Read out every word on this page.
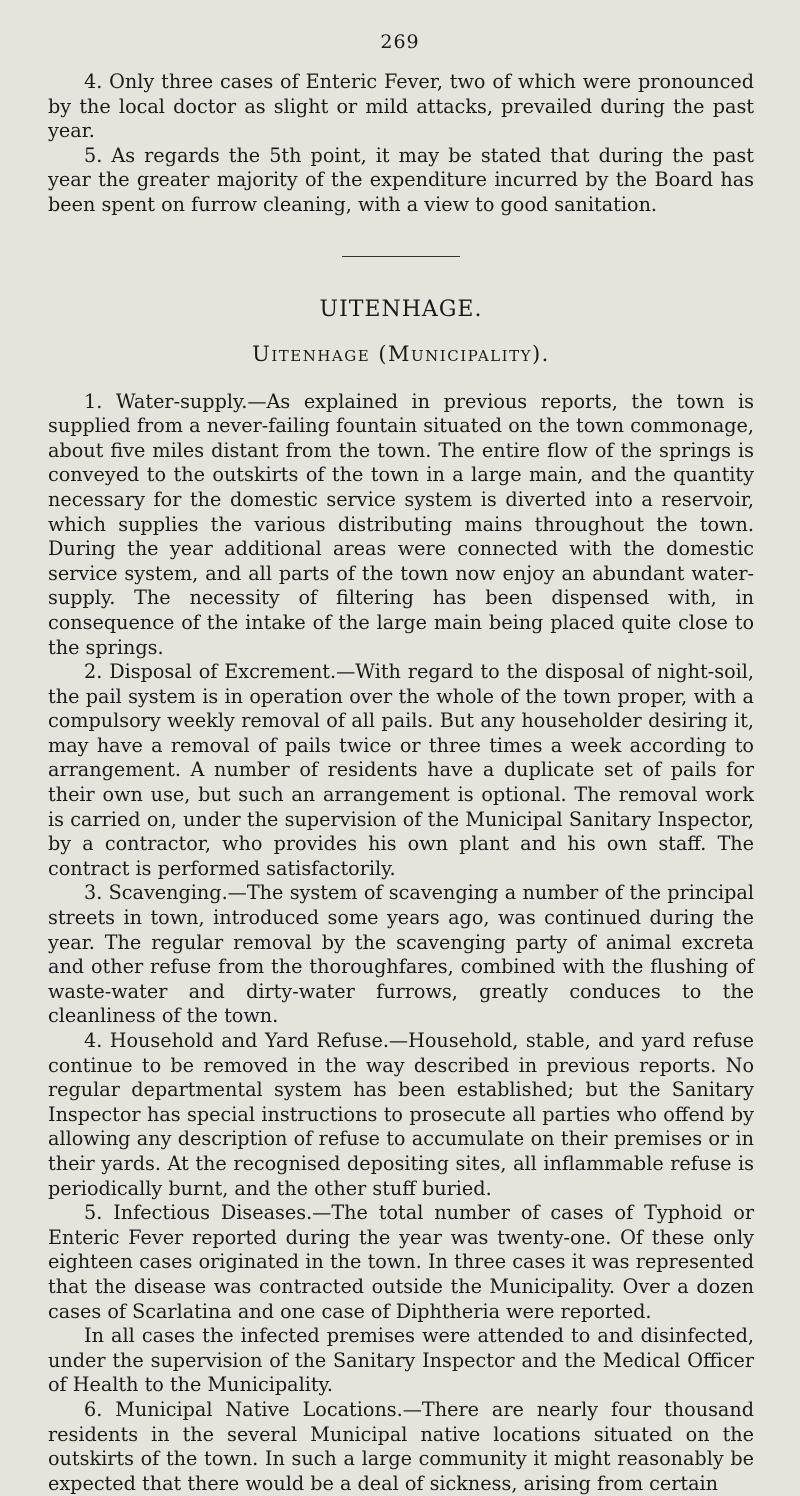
269

4. Only three cases of Enteric Fever, two of which were pronounced by the local doctor as slight or mild attacks, prevailed during the past year.

5. As regards the 5th point, it may be stated that during the past year the greater majority of the expenditure incurred by the Board has been spent on furrow cleaning, with a view to good sanitation.

UITENHAGE.
Uitenhage (Municipality).

1. Water-supply.—As explained in previous reports, the town is supplied from a never-failing fountain situated on the town commonage, about five miles distant from the town. The entire flow of the springs is conveyed to the outskirts of the town in a large main, and the quantity necessary for the domestic service system is diverted into a reservoir, which supplies the various distributing mains throughout the town. During the year additional areas were connected with the domestic service system, and all parts of the town now enjoy an abundant water-supply. The necessity of filtering has been dispensed with, in consequence of the intake of the large main being placed quite close to the springs.

2. Disposal of Excrement.—With regard to the disposal of night-soil, the pail system is in operation over the whole of the town proper, with a compulsory weekly removal of all pails. But any householder desiring it, may have a removal of pails twice or three times a week according to arrangement. A number of residents have a duplicate set of pails for their own use, but such an arrangement is optional. The removal work is carried on, under the supervision of the Municipal Sanitary Inspector, by a contractor, who provides his own plant and his own staff. The contract is performed satisfactorily.

3. Scavenging.—The system of scavenging a number of the principal streets in town, introduced some years ago, was continued during the year. The regular removal by the scavenging party of animal excreta and other refuse from the thoroughfares, combined with the flushing of waste-water and dirty-water furrows, greatly conduces to the cleanliness of the town.

4. Household and Yard Refuse.—Household, stable, and yard refuse continue to be removed in the way described in previous reports. No regular departmental system has been established; but the Sanitary Inspector has special instructions to prosecute all parties who offend by allowing any description of refuse to accumulate on their premises or in their yards. At the recognised depositing sites, all inflammable refuse is periodically burnt, and the other stuff buried.

5. Infectious Diseases.—The total number of cases of Typhoid or Enteric Fever reported during the year was twenty-one. Of these only eighteen cases originated in the town. In three cases it was represented that the disease was contracted outside the Municipality. Over a dozen cases of Scarlatina and one case of Diphtheria were reported.

In all cases the infected premises were attended to and disinfected, under the supervision of the Sanitary Inspector and the Medical Officer of Health to the Municipality.

6. Municipal Native Locations.—There are nearly four thousand residents in the several Municipal native locations situated on the outskirts of the town. In such a large community it might reasonably be expected that there would be a deal of sickness, arising from certain
